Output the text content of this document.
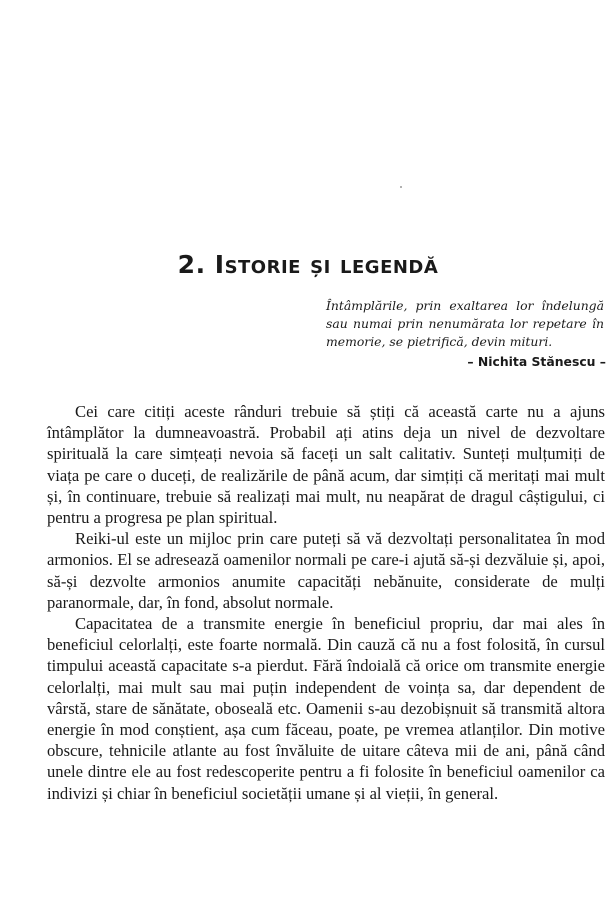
2. Istorie și legendă

Întâmplările, prin exaltarea lor îndelungă sau numai prin nenumărata lor repetare în memorie, se pietrifică, devin mituri.

– Nichita Stănescu –

Cei care citiți aceste rânduri trebuie să știți că această carte nu a ajuns întâmplător la dumneavoastră. Probabil ați atins deja un nivel de dezvoltare spirituală la care simțeați nevoia să faceți un salt calitativ. Sunteți mulțumiți de viața pe care o duceți, de realizările de până acum, dar simțiți că meritați mai mult și, în continuare, trebuie să realizați mai mult, nu neapărat de dragul câștigului, ci pentru a progresa pe plan spiritual.

Reiki-ul este un mijloc prin care puteți să vă dezvoltați personalitatea în mod armonios. El se adresează oamenilor normali pe care-i ajută să-și dezvăluie și, apoi, să-și dezvolte armonios anumite capacități nebănuite, considerate de mulți paranormale, dar, în fond, absolut normale.

Capacitatea de a transmite energie în beneficiul propriu, dar mai ales în beneficiul celorlalți, este foarte normală. Din cauză că nu a fost folosită, în cursul timpului această capacitate s-a pierdut. Fără îndoială că orice om transmite energie celorlalți, mai mult sau mai puțin independent de voința sa, dar dependent de vârstă, stare de sănătate, oboseală etc. Oamenii s-au dezobișnuit să transmită altora energie în mod conștient, așa cum făceau, poate, pe vremea atlanților. Din motive obscure, tehnicile atlante au fost învăluite de uitare câteva mii de ani, până când unele dintre ele au fost redescoperite pentru a fi folosite în beneficiul oamenilor ca indivizi și chiar în beneficiul societății umane și al vieții, în general.
